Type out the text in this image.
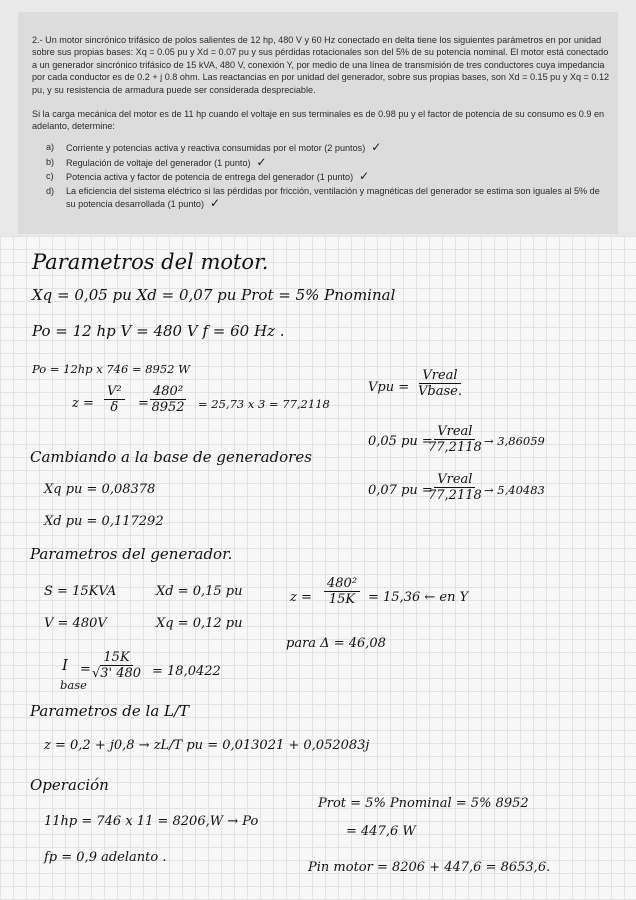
2.- Un motor sincrónico trifásico de polos salientes de 12 hp, 480 V y 60 Hz conectado en delta tiene los siguientes parámetros en por unidad sobre sus propias bases: Xq = 0.05 pu y Xd = 0.07 pu y sus pérdidas rotacionales son del 5% de su potencia nominal. El motor está conectado a un generador sincrónico trifásico de 15 kVA, 480 V, conexión Y, por medio de una línea de transmisión de tres conductores cuya impedancia por cada conductor es de 0.2 + j 0.8 ohm. Las reactancias en por unidad del generador, sobre sus propias bases, son Xd = 0.15 pu y Xq = 0.12 pu, y su resistencia de armadura puede ser considerada despreciable.

Si la carga mecánica del motor es de 11 hp cuando el voltaje en sus terminales es de 0.98 pu y el factor de potencia de su consumo es 0.9 en adelanto, determine:

a)	Corriente y potencias activa y reactiva consumidas por el motor (2 puntos) ✓
b)	Regulación de voltaje del generador (1 punto) ✓
c)	Potencia activa y factor de potencia de entrega del generador (1 punto) ✓
d)	La eficiencia del sistema eléctrico si las pérdidas por fricción, ventilación y magnéticas del generador se estima son iguales al 5% de su potencia desarrollada (1 punto) ✓
Parametros del motor.
Xq = 0,05 pu Xd = 0,07 pu Prot = 5% Pnominal
Po = 12 hp V = 480 V f = 60 Hz .
Po = 12hp x 746 = 8952 W
$z = \frac{\text{V²}}{\delta} = \frac{\text{480²}}{8952} = 25,73$ x 3 = 77,2118
Vpu =
Vreal
Vbase.
0,05 pu =
Vreal
77,2118 → 3,86059
Cambiando a la base de generadores
0,07 pu =
Vreal
77,2118 → 5,40483
Xq pu = 0,08378
Xd pu = 0,117292
Parametros del generador.
S = 15KVA	Xd = 0,15 pu	$z = \frac{\text{480²}}{15K} = 15,36$ ← en Y
V = 480V	Xq = 0,12 pu
para Δ = 46,08
I
base
= $\frac{15K}{√3' 480} = 18,0422$
Parametros de la L/T
z = 0,2 + j0,8 → zL/T pu = 0,013021 + 0,052083j
Operación
11hp = 746 x 11 = 8206,W → Po
Prot = 5% Pnominal = 5% 8952
= 447,6 W
fp = 0,9 adelanto .
Pin motor = 8206 + 447,6 = 8653,6.
